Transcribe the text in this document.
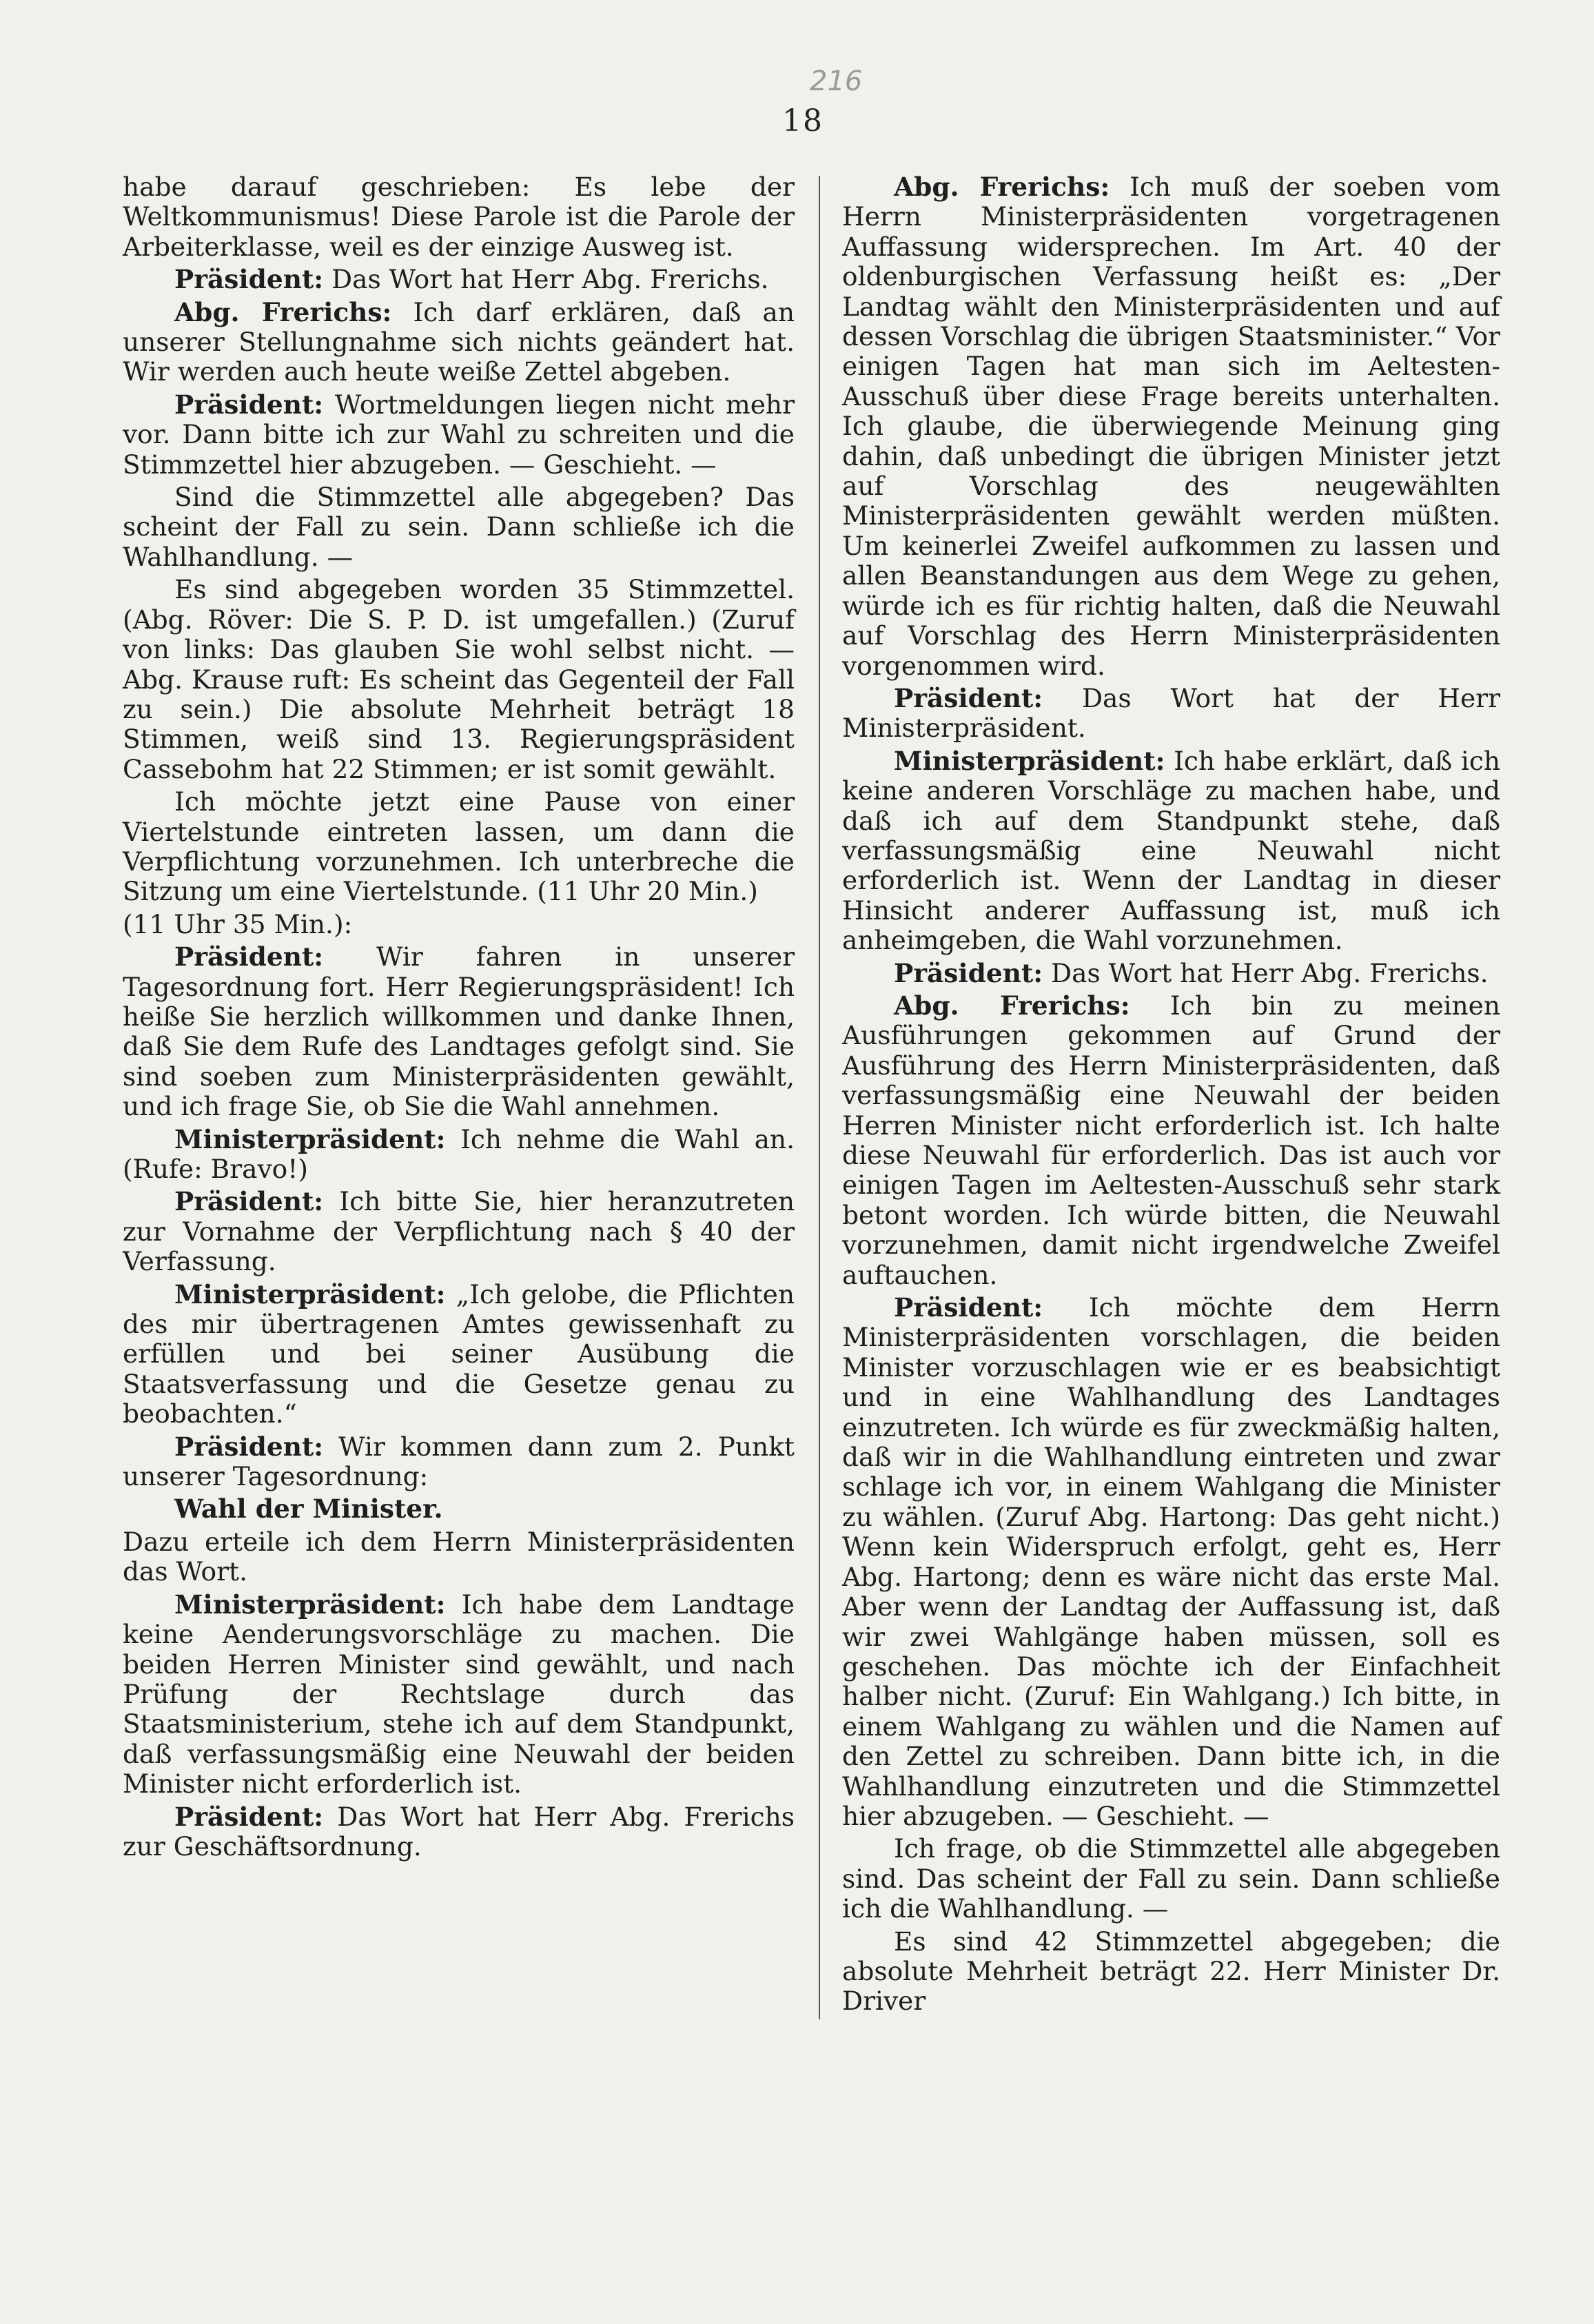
216
18

habe darauf geschrieben: Es lebe der Weltkommunismus! Diese Parole ist die Parole der Arbeiterklasse, weil es der einzige Ausweg ist.

Präsident: Das Wort hat Herr Abg. Frerichs.

Abg. Frerichs: Ich darf erklären, daß an unserer Stellungnahme sich nichts geändert hat. Wir werden auch heute weiße Zettel abgeben.

Präsident: Wortmeldungen liegen nicht mehr vor. Dann bitte ich zur Wahl zu schreiten und die Stimmzettel hier abzugeben. — Geschieht. —

Sind die Stimmzettel alle abgegeben? Das scheint der Fall zu sein. Dann schließe ich die Wahlhandlung. —

Es sind abgegeben worden 35 Stimmzettel. (Abg. Röver: Die S. P. D. ist umgefallen.) (Zuruf von links: Das glauben Sie wohl selbst nicht. — Abg. Krause ruft: Es scheint das Gegenteil der Fall zu sein.) Die absolute Mehrheit beträgt 18 Stimmen, weiß sind 13. Regierungspräsident Cassebohm hat 22 Stimmen; er ist somit gewählt.

Ich möchte jetzt eine Pause von einer Viertelstunde eintreten lassen, um dann die Verpflichtung vorzunehmen. Ich unterbreche die Sitzung um eine Viertelstunde. (11 Uhr 20 Min.)

(11 Uhr 35 Min.):

Präsident: Wir fahren in unserer Tagesordnung fort. Herr Regierungspräsident! Ich heiße Sie herzlich willkommen und danke Ihnen, daß Sie dem Rufe des Landtages gefolgt sind. Sie sind soeben zum Ministerpräsidenten gewählt, und ich frage Sie, ob Sie die Wahl annehmen.

Ministerpräsident: Ich nehme die Wahl an. (Rufe: Bravo!)

Präsident: Ich bitte Sie, hier heranzutreten zur Vornahme der Verpflichtung nach § 40 der Verfassung.

Ministerpräsident: „Ich gelobe, die Pflichten des mir übertragenen Amtes gewissenhaft zu erfüllen und bei seiner Ausübung die Staatsverfassung und die Gesetze genau zu beobachten.“

Präsident: Wir kommen dann zum 2. Punkt unserer Tagesordnung:

Wahl der Minister.

Dazu erteile ich dem Herrn Ministerpräsidenten das Wort.

Ministerpräsident: Ich habe dem Landtage keine Aenderungsvorschläge zu machen. Die beiden Herren Minister sind gewählt, und nach Prüfung der Rechtslage durch das Staatsministerium, stehe ich auf dem Standpunkt, daß verfassungsmäßig eine Neuwahl der beiden Minister nicht erforderlich ist.

Präsident: Das Wort hat Herr Abg. Frerichs zur Geschäftsordnung.

Abg. Frerichs: Ich muß der soeben vom Herrn Ministerpräsidenten vorgetragenen Auffassung widersprechen. Im Art. 40 der oldenburgischen Verfassung heißt es: „Der Landtag wählt den Ministerpräsidenten und auf dessen Vorschlag die übrigen Staatsminister.“ Vor einigen Tagen hat man sich im Aeltesten-Ausschuß über diese Frage bereits unterhalten. Ich glaube, die überwiegende Meinung ging dahin, daß unbedingt die übrigen Minister jetzt auf Vorschlag des neugewählten Ministerpräsidenten gewählt werden müßten. Um keinerlei Zweifel aufkommen zu lassen und allen Beanstandungen aus dem Wege zu gehen, würde ich es für richtig halten, daß die Neuwahl auf Vorschlag des Herrn Ministerpräsidenten vorgenommen wird.

Präsident: Das Wort hat der Herr Ministerpräsident.

Ministerpräsident: Ich habe erklärt, daß ich keine anderen Vorschläge zu machen habe, und daß ich auf dem Standpunkt stehe, daß verfassungsmäßig eine Neuwahl nicht erforderlich ist. Wenn der Landtag in dieser Hinsicht anderer Auffassung ist, muß ich anheimgeben, die Wahl vorzunehmen.

Präsident: Das Wort hat Herr Abg. Frerichs.

Abg. Frerichs: Ich bin zu meinen Ausführungen gekommen auf Grund der Ausführung des Herrn Ministerpräsidenten, daß verfassungsmäßig eine Neuwahl der beiden Herren Minister nicht erforderlich ist. Ich halte diese Neuwahl für erforderlich. Das ist auch vor einigen Tagen im Aeltesten-Ausschuß sehr stark betont worden. Ich würde bitten, die Neuwahl vorzunehmen, damit nicht irgendwelche Zweifel auftauchen.

Präsident: Ich möchte dem Herrn Ministerpräsidenten vorschlagen, die beiden Minister vorzuschlagen wie er es beabsichtigt und in eine Wahlhandlung des Landtages einzutreten. Ich würde es für zweckmäßig halten, daß wir in die Wahlhandlung eintreten und zwar schlage ich vor, in einem Wahlgang die Minister zu wählen. (Zuruf Abg. Hartong: Das geht nicht.) Wenn kein Widerspruch erfolgt, geht es, Herr Abg. Hartong; denn es wäre nicht das erste Mal. Aber wenn der Landtag der Auffassung ist, daß wir zwei Wahlgänge haben müssen, soll es geschehen. Das möchte ich der Einfachheit halber nicht. (Zuruf: Ein Wahlgang.) Ich bitte, in einem Wahlgang zu wählen und die Namen auf den Zettel zu schreiben. Dann bitte ich, in die Wahlhandlung einzutreten und die Stimmzettel hier abzugeben. — Geschieht. —

Ich frage, ob die Stimmzettel alle abgegeben sind. Das scheint der Fall zu sein. Dann schließe ich die Wahlhandlung. —

Es sind 42 Stimmzettel abgegeben; die absolute Mehrheit beträgt 22. Herr Minister Dr. Driver
